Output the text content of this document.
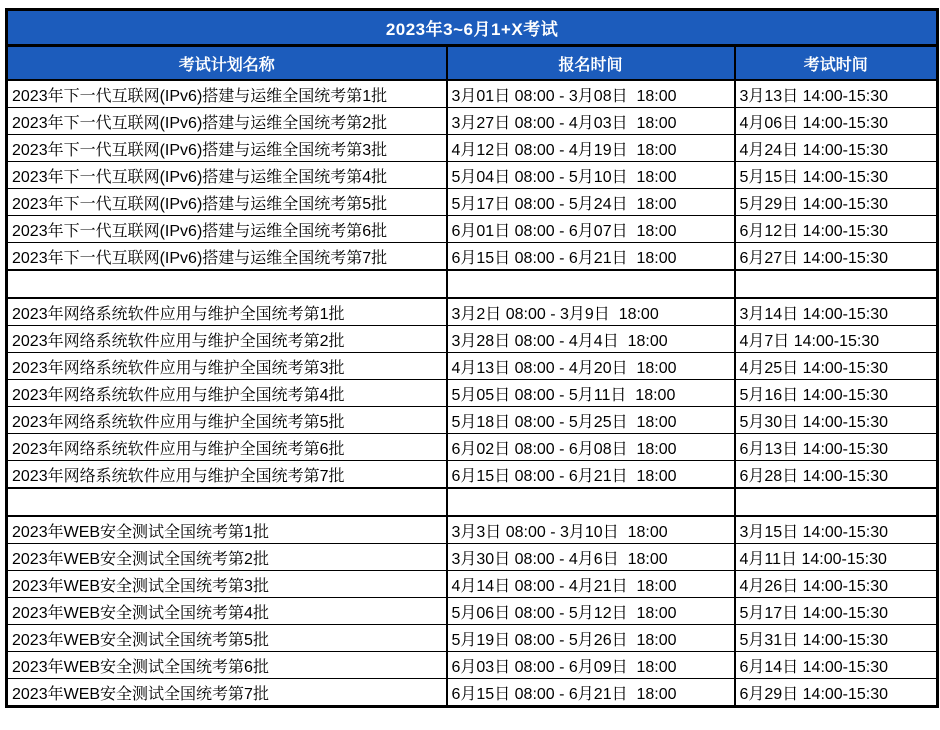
2023年3~6月1+X考试		
考试计划名称	报名时间	考试时间
2023年下一代互联网(IPv6)搭建与运维全国统考第1批	3月01日 08:00 - 3月08日  18:00	3月13日 14:00-15:30
2023年下一代互联网(IPv6)搭建与运维全国统考第2批	3月27日 08:00 - 4月03日  18:00	4月06日 14:00-15:30
2023年下一代互联网(IPv6)搭建与运维全国统考第3批	4月12日 08:00 - 4月19日  18:00	4月24日 14:00-15:30
2023年下一代互联网(IPv6)搭建与运维全国统考第4批	5月04日 08:00 - 5月10日  18:00	5月15日 14:00-15:30
2023年下一代互联网(IPv6)搭建与运维全国统考第5批	5月17日 08:00 - 5月24日  18:00	5月29日 14:00-15:30
2023年下一代互联网(IPv6)搭建与运维全国统考第6批	6月01日 08:00 - 6月07日  18:00	6月12日 14:00-15:30
2023年下一代互联网(IPv6)搭建与运维全国统考第7批	6月15日 08:00 - 6月21日  18:00	6月27日 14:00-15:30

2023年网络系统软件应用与维护全国统考第1批	3月2日 08:00 - 3月9日  18:00	3月14日 14:00-15:30
2023年网络系统软件应用与维护全国统考第2批	3月28日 08:00 - 4月4日  18:00	4月7日 14:00-15:30
2023年网络系统软件应用与维护全国统考第3批	4月13日 08:00 - 4月20日  18:00	4月25日 14:00-15:30
2023年网络系统软件应用与维护全国统考第4批	5月05日 08:00 - 5月11日  18:00	5月16日 14:00-15:30
2023年网络系统软件应用与维护全国统考第5批	5月18日 08:00 - 5月25日  18:00	5月30日 14:00-15:30
2023年网络系统软件应用与维护全国统考第6批	6月02日 08:00 - 6月08日  18:00	6月13日 14:00-15:30
2023年网络系统软件应用与维护全国统考第7批	6月15日 08:00 - 6月21日  18:00	6月28日 14:00-15:30

2023年WEB安全测试全国统考第1批	3月3日 08:00 - 3月10日  18:00	3月15日 14:00-15:30
2023年WEB安全测试全国统考第2批	3月30日 08:00 - 4月6日  18:00	4月11日 14:00-15:30
2023年WEB安全测试全国统考第3批	4月14日 08:00 - 4月21日  18:00	4月26日 14:00-15:30
2023年WEB安全测试全国统考第4批	5月06日 08:00 - 5月12日  18:00	5月17日 14:00-15:30
2023年WEB安全测试全国统考第5批	5月19日 08:00 - 5月26日  18:00	5月31日 14:00-15:30
2023年WEB安全测试全国统考第6批	6月03日 08:00 - 6月09日  18:00	6月14日 14:00-15:30
2023年WEB安全测试全国统考第7批	6月15日 08:00 - 6月21日  18:00	6月29日 14:00-15:30
